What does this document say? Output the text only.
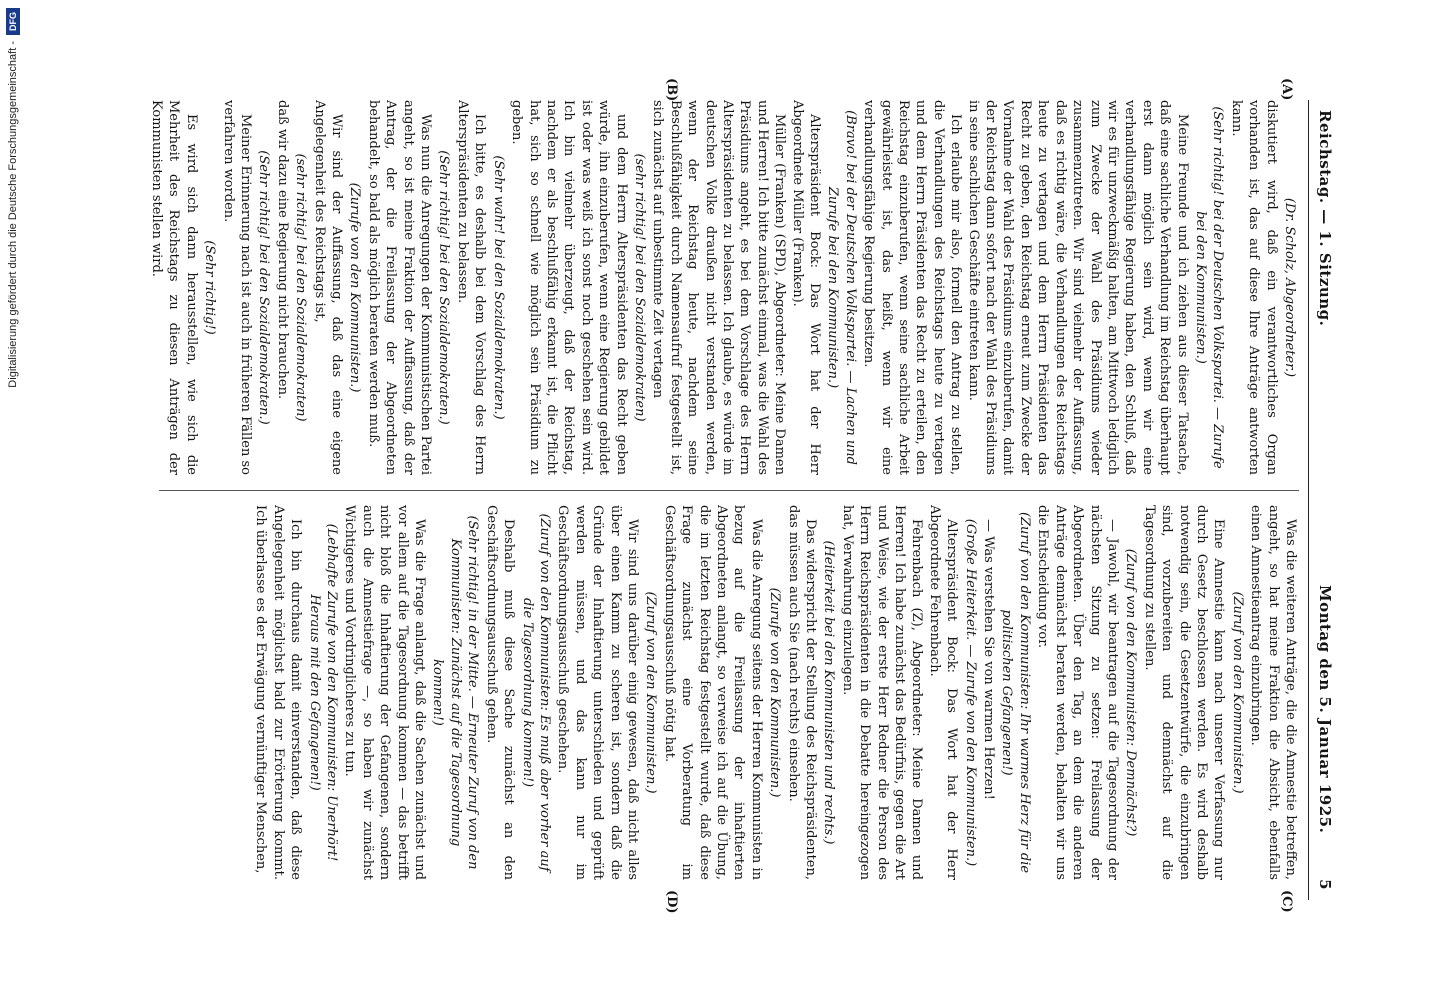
Digitalisierung gefördert durch die Deutsche Forschungsgemeinschaft -
DFG
Reichstag. — 1. Sitzung.
Montag den 5. Januar 1925. 5

(Dr. Scholz, Abgeordneter.)

diskutiert wird, daß ein verantwortliches Organ vorhanden ist, das auf diese Ihre Anträge antworten kann.

(Sehr richtig! bei der Deutschen Volkspartei. — Zurufe bei den Kommunisten.)

Meine Freunde und ich ziehen aus dieser Tatsache, daß eine sachliche Verhandlung im Reichstag überhaupt erst dann möglich sein wird, wenn wir eine verhandlungsfähige Regierung haben, den Schluß, daß wir es für unzweckmäßig halten, am Mittwoch lediglich zum Zwecke der Wahl des Präsidiums wieder zusammenzutreten. Wir sind vielmehr der Auffassung, daß es richtig wäre, die Verhandlungen des Reichstags heute zu vertagen und dem Herrn Präsidenten das Recht zu geben, den Reichstag erneut zum Zwecke der Vornahme der Wahl des Präsidiums einzuberufen, damit der Reichstag dann sofort nach der Wahl des Präsidiums in seine sachlichen Geschäfte eintreten kann.

Ich erlaube mir also, formell den Antrag zu stellen, die Verhandlungen des Reichstags heute zu vertagen und dem Herrn Präsidenten das Recht zu erteilen, den Reichstag einzuberufen, wenn seine sachliche Arbeit gewährleistet ist, das heißt, wenn wir eine verhandlungsfähige Regierung besitzen.

(Bravo! bei der Deutschen Volkspartei. — Lachen und Zurufe bei den Kommunisten.)

Alterspräsident Bock: Das Wort hat der Herr Abgeordnete Müller (Franken).

Müller (Franken) (SPD), Abgeordneter: Meine Damen und Herren! Ich bitte zunächst einmal, was die Wahl des Präsidiums angeht, es bei dem Vorschlage des Herrn Alterspräsidenten zu belassen. Ich glaube, es würde im deutschen Volke draußen nicht verstanden werden, wenn der Reichstag heute, nachdem seine Beschlußfähigkeit durch Namensaufruf festgestellt ist, sich zunächst auf unbestimmte Zeit vertagen

(sehr richtig! bei den Sozialdemokraten)

und dem Herrn Alterspräsidenten das Recht geben würde, ihn einzuberufen, wenn eine Regierung gebildet ist oder was weiß ich sonst noch geschehen sein wird. Ich bin vielmehr überzeugt, daß der Reichstag, nachdem er als beschlußfähig erkannt ist, die Pflicht hat, sich so schnell wie möglich sein Präsidium zu geben.

(Sehr wahr! bei den Sozialdemokraten.)

Ich bitte, es deshalb bei dem Vorschlag des Herrn Alterspräsidenten zu belassen.

(Sehr richtig! bei den Sozialdemokraten.)

Was nun die Anregungen der Kommunistischen Partei angeht, so ist meine Fraktion der Auffassung, daß der Antrag, der die Freilassung der Abgeordneten behandelt, so bald als möglich beraten werden muß.

(Zurufe von den Kommunisten.)

Wir sind der Auffassung, daß das eine eigene Angelegenheit des Reichstags ist,

(sehr richtig! bei den Sozialdemokraten)

daß wir dazu eine Regierung nicht brauchen.

(Sehr richtig! bei den Sozialdemokraten.)

Meiner Erinnerung nach ist auch in früheren Fällen so verfahren worden.

(Sehr richtig!)

Es wird sich dann herausstellen, wie sich die Mehrheit des Reichstags zu diesen Anträgen der Kommunisten stellen wird.

Was die weiteren Anträge, die die Amnestie betreffen, angeht, so hat meine Fraktion die Absicht, ebenfalls einen Amnestieantrag einzubringen.

(Zuruf von den Kommunisten.)

Eine Amnestie kann nach unserer Verfassung nur durch Gesetz beschlossen werden. Es wird deshalb notwendig sein, die Gesetzentwürfe, die einzubringen sind, vorzubereiten und demnächst auf die Tagesordnung zu stellen.

(Zuruf von den Kommunisten: Demnächst?)

— Jawohl, wir beantragen auf die Tagesordnung der nächsten Sitzung zu setzen: Freilassung der Abgeordneten. Über den Tag, an dem die anderen Anträge demnächst beraten werden, behalten wir uns die Entscheidung vor.

(Zuruf von den Kommunisten: Ihr warmes Herz für die politischen Gefangenen!)

— Was verstehen Sie von warmen Herzen!

(Große Heiterkeit. — Zurufe von den Kommunisten.)

Alterspräsident Bock: Das Wort hat der Herr Abgeordnete Fehrenbach.

Fehrenbach (Z), Abgeordneter: Meine Damen und Herren! Ich habe zunächst das Bedürfnis, gegen die Art und Weise, wie der erste Herr Redner die Person des Herrn Reichspräsidenten in die Debatte hereingezogen hat, Verwahrung einzulegen.

(Heiterkeit bei den Kommunisten und rechts.)

Das widerspricht der Stellung des Reichspräsidenten, das müssen auch Sie (nach rechts) einsehen.

(Zurufe von den Kommunisten.)

Was die Anregung seitens der Herren Kommunisten in bezug auf die Freilassung der inhaftierten Abgeordneten anlangt, so verweise ich auf die Übung, die im letzten Reichstag festgestellt wurde, daß diese Frage zunächst eine Vorberatung im Geschäftsordnungsausschuß nötig hat.

(Zuruf von den Kommunisten.)

Wir sind uns darüber einig gewesen, daß nicht alles über einen Kamm zu scheren ist, sondern daß die Gründe der Inhaftierung unterschieden und geprüft werden müssen, und das kann nur im Geschäftsordnungsausschuß geschehen.

(Zuruf von den Kommunisten: Es muß aber vorher auf die Tagesordnung kommen!)

Deshalb muß diese Sache zunächst an den Geschäftsordnungsausschuß gehen.

(Sehr richtig! in der Mitte. — Erneuter Zuruf von den Kommunisten: Zunächst auf die Tagesordnung kommen!)

Was die Frage anlangt, daß die Sachen zunächst und vor allem auf die Tagesordnung kommen — das betrifft nicht bloß die Inhaftierung der Gefangenen, sondern auch die Amnestiefrage —, so haben wir zunächst Wichtigeres und Vordringlicheres zu tun.

(Lebhafte Zurufe von den Kommunisten: Unerhört! Heraus mit den Gefangenen!)

Ich bin durchaus damit einverstanden, daß diese Angelegenheit möglichst bald zur Erörterung kommt. Ich überlasse es der Erwägung vernünftiger Menschen,

(A)
(B)
(C)
(D)
